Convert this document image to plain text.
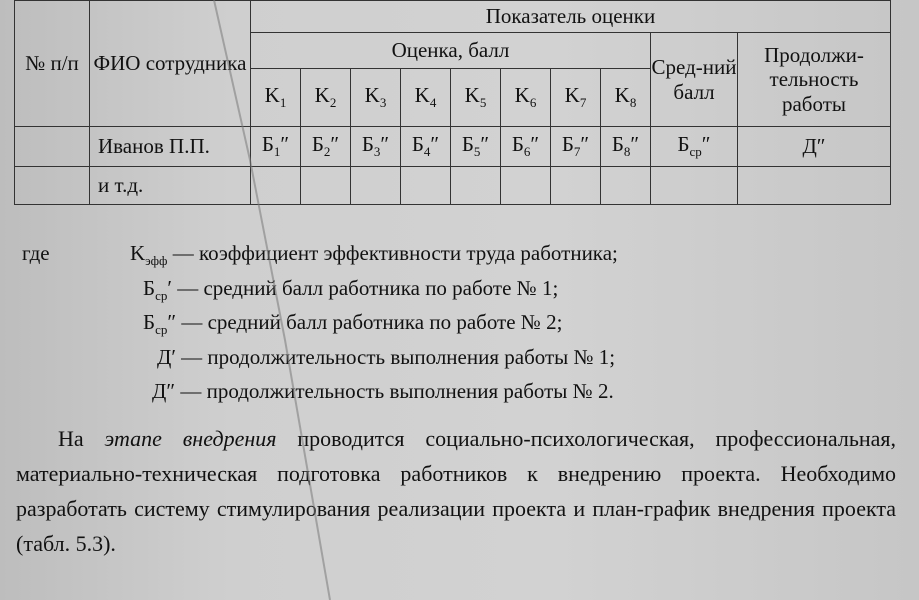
№ п/п	ФИО сотрудника	Показатель оценки									
		Оценка, балл								Сред-ний балл	Продолжи-тельность работы
		$K_1$	$K_2$	$K_3$	$K_4$	$K_5$	$K_6$	$K_7$	$K_8$
	Иванов П.П.	$Б_1''$	$Б_2''$	$Б_3''$	$Б_4''$	$Б_5''$	$Б_6''$	$Б_7''$	$Б_8''$	$Б_{ср}''$	Д″
	и т.д.										
где	$K_{эфф}$ — коэффициент эффективности труда работника;
$Б_{ср}'$ — средний балл работника по работе № 1;
$Б_{ср}''$ — средний балл работника по работе № 2;
Д′ — продолжительность выполнения работы № 1;
Д″ — продолжительность выполнения работы № 2.

На этапе внедрения проводится социально-психологическая, профессиональная, материально-техническая подготовка работников к внедрению проекта. Необходимо разработать систему стимулирования реализации проекта и план-график внедрения проекта (табл. 5.3).
